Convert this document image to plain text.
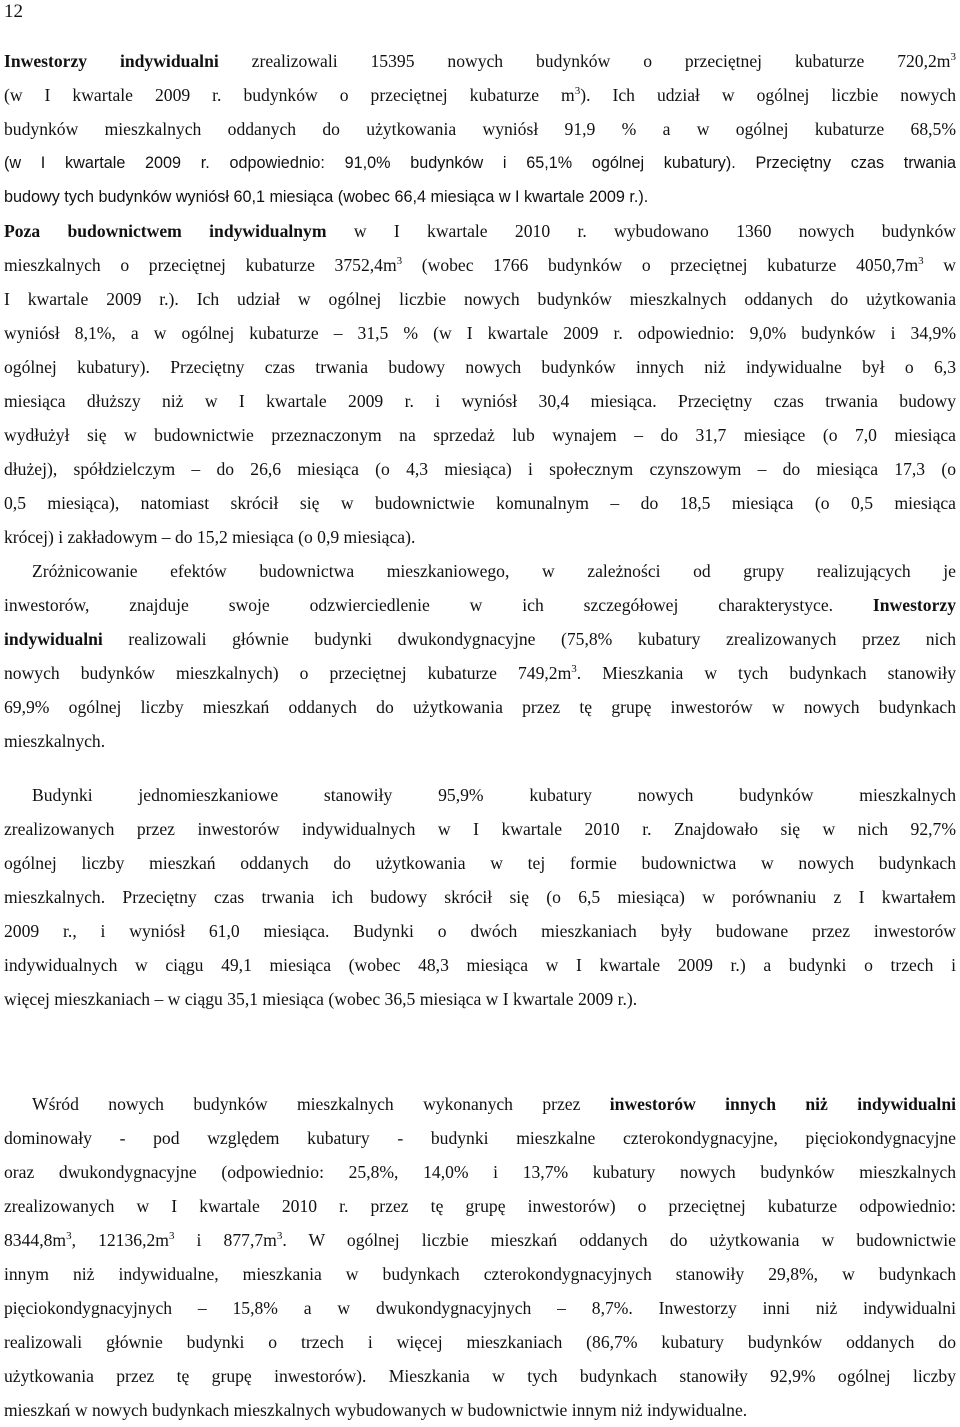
12
Inwestorzy indywidualni zrealizowali 15395 nowych budynków o przeciętnej kubaturze $720,2m^3$
(w I kwartale 2009 r. budynków o przeciętnej kubaturze $m^3$). Ich udział w ogólnej liczbie nowych
budynków mieszkalnych oddanych do użytkowania wyniósł 91,9 % a w ogólnej kubaturze 68,5%
(w I kwartale 2009 r. odpowiednio: 91,0% budynków i 65,1% ogólnej kubatury). Przeciętny czas trwania
budowy tych budynków wyniósł 60,1 miesiąca (wobec 66,4 miesiąca w I kwartale 2009 r.).
Poza budownictwem indywidualnym w I kwartale 2010 r. wybudowano 1360 nowych budynków
mieszkalnych o przeciętnej kubaturze $3752,4m^3$ (wobec 1766 budynków o przeciętnej kubaturze $4050,7m^3$ w
I kwartale 2009 r.). Ich udział w ogólnej liczbie nowych budynków mieszkalnych oddanych do użytkowania
wyniósł 8,1%, a w ogólnej kubaturze – 31,5 % (w I kwartale 2009 r. odpowiednio: 9,0% budynków i 34,9%
ogólnej kubatury). Przeciętny czas trwania budowy nowych budynków innych niż indywidualne był o 6,3
miesiąca dłuższy niż w I kwartale 2009 r. i wyniósł 30,4 miesiąca. Przeciętny czas trwania budowy
wydłużył się w budownictwie przeznaczonym na sprzedaż lub wynajem – do 31,7 miesiące (o 7,0 miesiąca
dłużej), spółdzielczym – do 26,6 miesiąca (o 4,3 miesiąca) i społecznym czynszowym – do miesiąca 17,3 (o
0,5 miesiąca), natomiast skrócił się w budownictwie komunalnym – do 18,5 miesiąca (o 0,5 miesiąca
krócej) i zakładowym – do 15,2 miesiąca (o 0,9 miesiąca).
Zróżnicowanie efektów budownictwa mieszkaniowego, w zależności od grupy realizujących je
inwestorów, znajduje swoje odzwierciedlenie w ich szczegółowej charakterystyce. Inwestorzy
indywidualni realizowali głównie budynki dwukondygnacyjne (75,8% kubatury zrealizowanych przez nich
nowych budynków mieszkalnych) o przeciętnej kubaturze $749,2m^3$. Mieszkania w tych budynkach stanowiły
69,9% ogólnej liczby mieszkań oddanych do użytkowania przez tę grupę inwestorów w nowych budynkach
mieszkalnych.
Budynki jednomieszkaniowe stanowiły 95,9% kubatury nowych budynków mieszkalnych
zrealizowanych przez inwestorów indywidualnych w I kwartale 2010 r. Znajdowało się w nich 92,7%
ogólnej liczby mieszkań oddanych do użytkowania w tej formie budownictwa w nowych budynkach
mieszkalnych. Przeciętny czas trwania ich budowy skrócił się (o 6,5 miesiąca) w porównaniu z I kwartałem
2009 r., i wyniósł 61,0 miesiąca. Budynki o dwóch mieszkaniach były budowane przez inwestorów
indywidualnych w ciągu 49,1 miesiąca (wobec 48,3 miesiąca w I kwartale 2009 r.) a budynki o trzech i
więcej mieszkaniach – w ciągu 35,1 miesiąca (wobec 36,5 miesiąca w I kwartale 2009 r.).
Wśród nowych budynków mieszkalnych wykonanych przez inwestorów innych niż indywidualni
dominowały - pod względem kubatury - budynki mieszkalne czterokondygnacyjne, pięciokondygnacyjne
oraz dwukondygnacyjne (odpowiednio: 25,8%, 14,0% i 13,7% kubatury nowych budynków mieszkalnych
zrealizowanych w I kwartale 2010 r. przez tę grupę inwestorów) o przeciętnej kubaturze odpowiednio:
$8344,8m^3$, $12136,2m^3$ i $877,7m^3$. W ogólnej liczbie mieszkań oddanych do użytkowania w budownictwie
innym niż indywidualne, mieszkania w budynkach czterokondygnacyjnych stanowiły 29,8%, w budynkach
pięciokondygnacyjnych – 15,8% a w dwukondygnacyjnych – 8,7%. Inwestorzy inni niż indywidualni
realizowali głównie budynki o trzech i więcej mieszkaniach (86,7% kubatury budynków oddanych do
użytkowania przez tę grupę inwestorów). Mieszkania w tych budynkach stanowiły 92,9% ogólnej liczby
mieszkań w nowych budynkach mieszkalnych wybudowanych w budownictwie innym niż indywidualne.
